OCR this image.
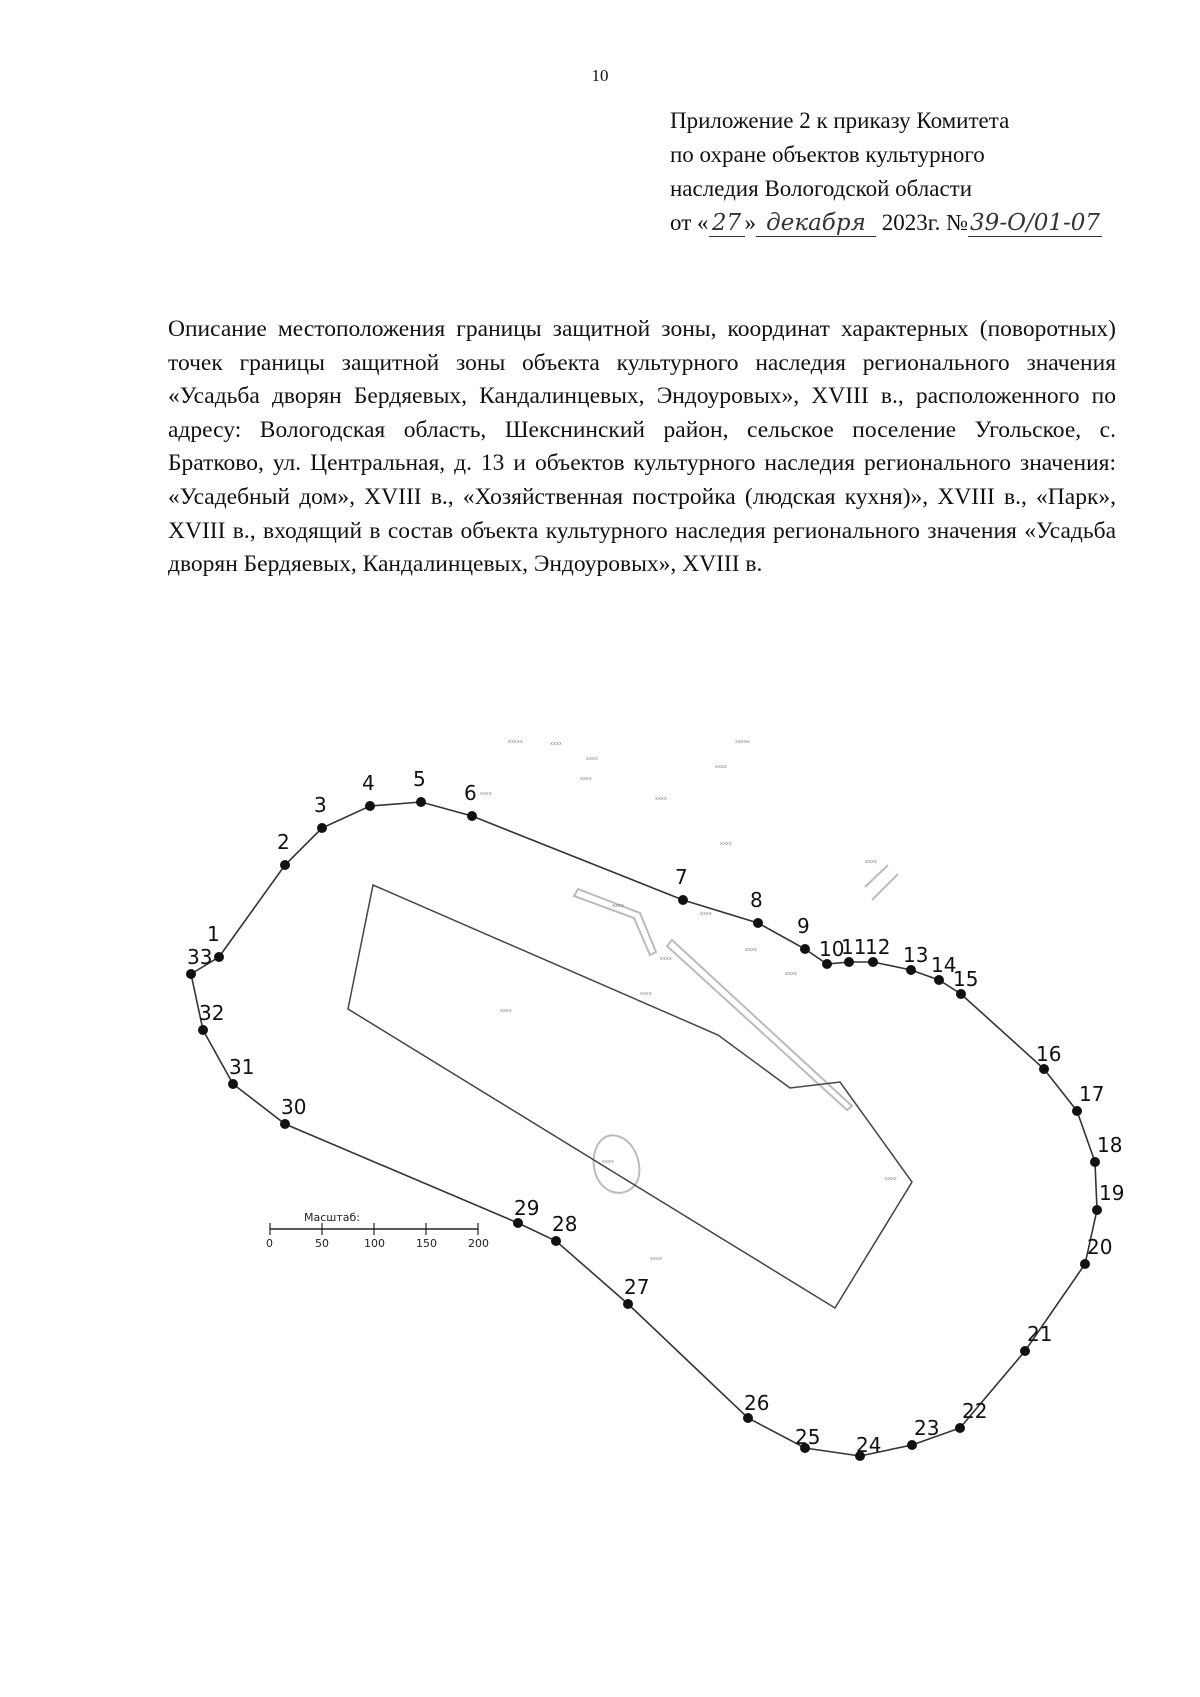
10
Приложение 2 к приказу Комитета
по охране объектов культурного
наследия Вологодской области
от « 27 » декабря 2023г. №39-О/01-07
Описание местоположения границы защитной зоны, координат характерных (поворотных) точек границы защитной зоны объекта культурного наследия регионального значения «Усадьба дворян Бердяевых, Кандалинцевых, Эндоуровых», XVIII в., расположенного по адресу: Вологодская область, Шекснинский район, сельское поселение Угольское, с. Братково, ул. Центральная, д. 13 и объектов культурного наследия регионального значения: «Усадебный дом», XVIII в., «Хозяйственная постройка (людская кухня)», XVIII в., «Парк», XVIII в., входящий в состав объекта культурного наследия регионального значения «Усадьба дворян Бердяевых, Кандалинцевых, Эндоуровых», XVIII в.
ххххх	хххх
хххх
хххх
ххххх
хххх
хххх
хххх
хххх
хххх
хххх
хххх
хххх
хххх
хххх
хххх
хххх
хххх
хххх
хххх
1
2
3
4 5
6
7
8
9
10
11
12 13 14
15
16
17
18
19
20
21
22
23
24
25
26
27
28
29
30
31
32
33
Масштаб:
0	50	100	150	200
